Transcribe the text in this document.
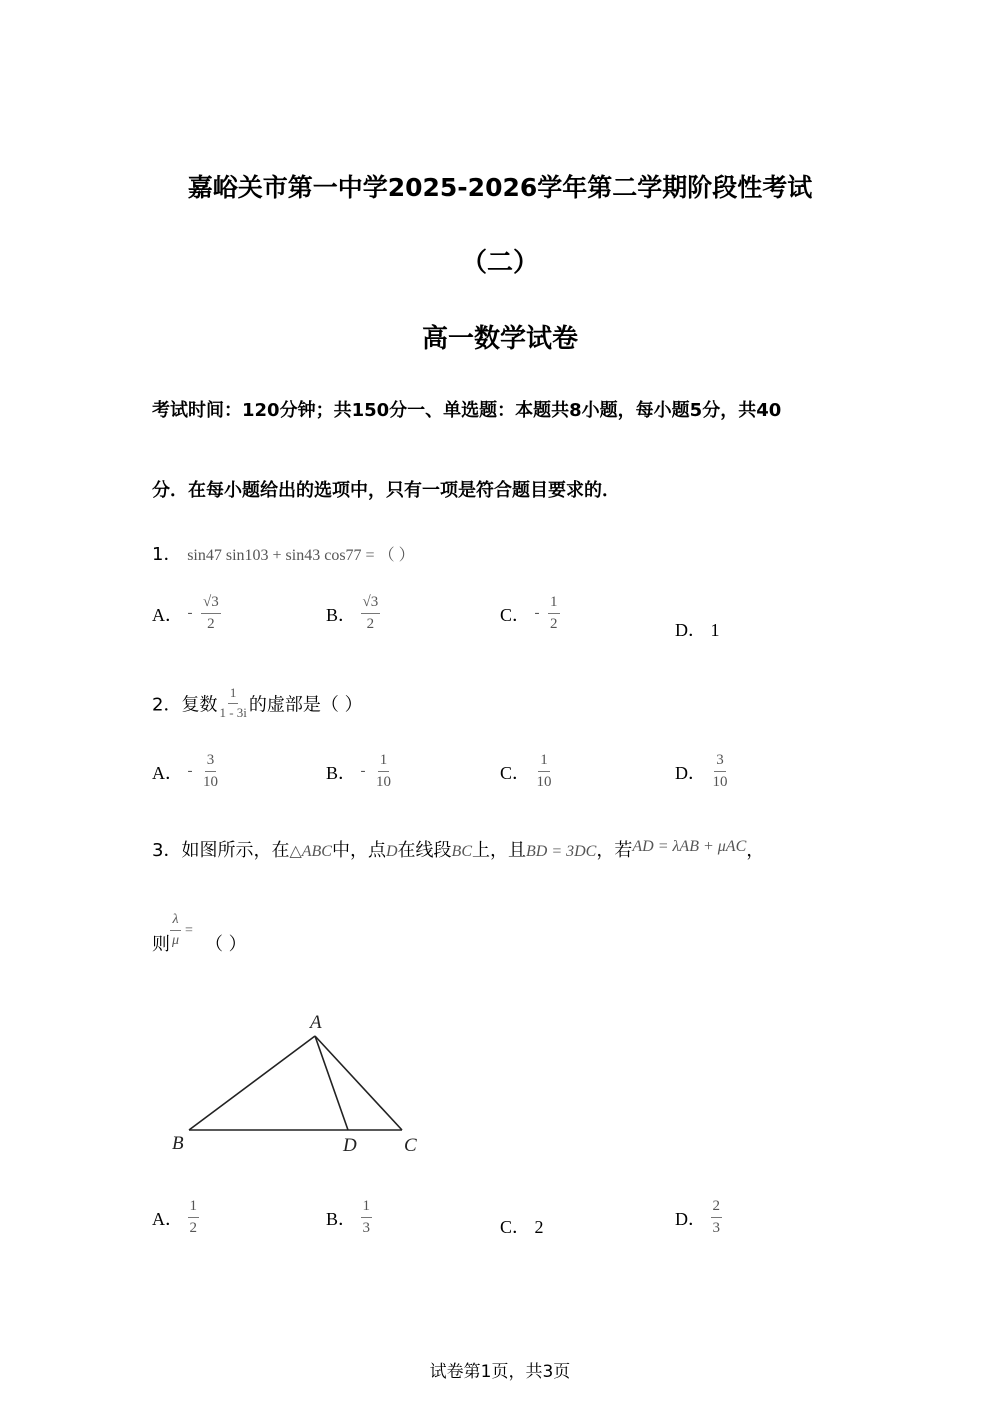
嘉峪关市第一中学2025-2026学年第二学期阶段性考试
（二）
高一数学试卷
考试时间：120分钟；共150分一、单选题：本题共8小题，每小题5分，共40
分．在每小题给出的选项中，只有一项是符合题目要求的．
1． sin47 sin103 + sin43 cos77 = （ ）
A． - $\frac{√3}{2}$	B． $\frac{√3}{2}$	C． - $\frac{1}{2}$	D． 1
2．复数 $\frac{1}{1 - 3i}$ 的虚部是（ ）
A． - $\frac{3}{10}$	B． - $\frac{1}{10}$	C． $\frac{1}{10}$	D． $\frac{3}{10}$
3．如图所示，在△ABC中，点D在线段BC上，且BD = 3DC，若AD = λAB + μAC，
则 $\frac{\lambda}{\mu}$ =（ ）
A
B	D C
A． $\frac{1}{2}$	B． $\frac{1}{3}$	C． 2	D． $\frac{2}{3}$
试卷第1页，共3页
